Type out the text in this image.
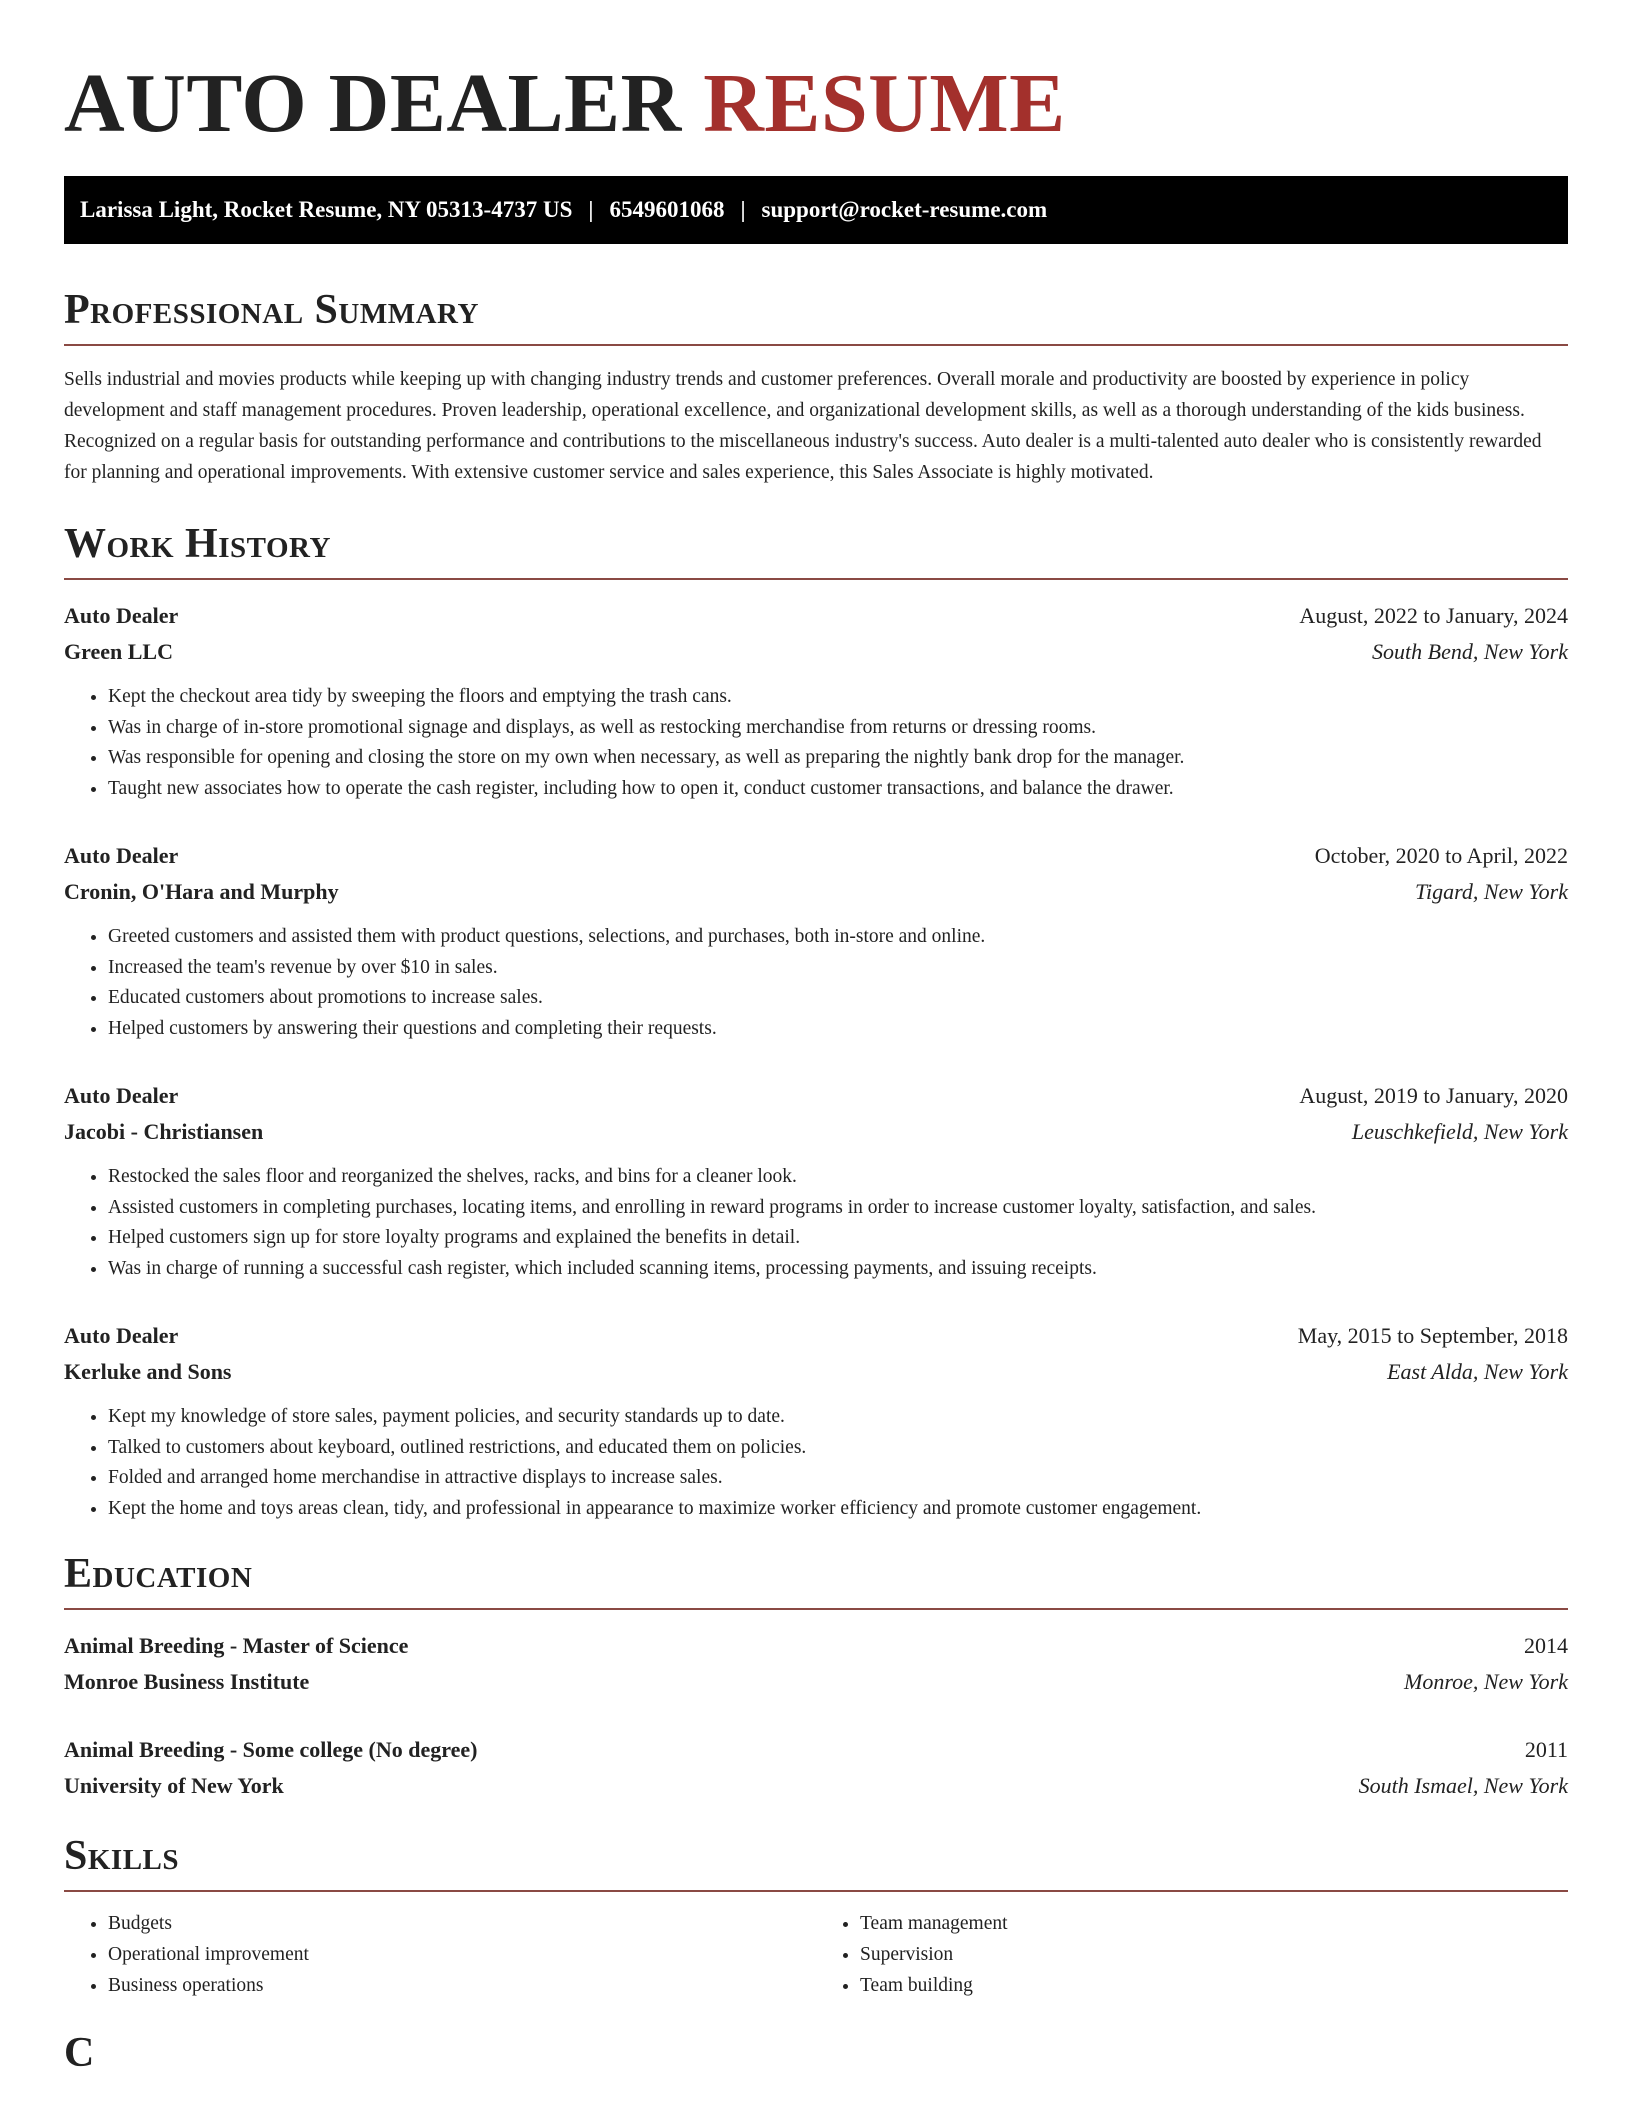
AUTO DEALER RESUME
Larissa Light, Rocket Resume, NY 05313-4737 US | 6549601068 | support@rocket-resume.com
Professional Summary

Sells industrial and movies products while keeping up with changing industry trends and customer preferences. Overall morale and productivity are boosted by experience in policy development and staff management procedures. Proven leadership, operational excellence, and organizational development skills, as well as a thorough understanding of the kids business. Recognized on a regular basis for outstanding performance and contributions to the miscellaneous industry's success. Auto dealer is a multi-talented auto dealer who is consistently rewarded for planning and operational improvements. With extensive customer service and sales experience, this Sales Associate is highly motivated.

Work History
Auto Dealer	August, 2022 to January, 2024
Green LLC	South Bend, New York
• Kept the checkout area tidy by sweeping the floors and emptying the trash cans.
• Was in charge of in-store promotional signage and displays, as well as restocking merchandise from returns or dressing rooms.
• Was responsible for opening and closing the store on my own when necessary, as well as preparing the nightly bank drop for the manager.
• Taught new associates how to operate the cash register, including how to open it, conduct customer transactions, and balance the drawer.
Auto Dealer	October, 2020 to April, 2022
Cronin, O'Hara and Murphy	Tigard, New York
• Greeted customers and assisted them with product questions, selections, and purchases, both in-store and online.
• Increased the team's revenue by over $10 in sales.
• Educated customers about promotions to increase sales.
• Helped customers by answering their questions and completing their requests.
Auto Dealer	August, 2019 to January, 2020
Jacobi - Christiansen	Leuschkefield, New York
• Restocked the sales floor and reorganized the shelves, racks, and bins for a cleaner look.
• Assisted customers in completing purchases, locating items, and enrolling in reward programs in order to increase customer loyalty, satisfaction, and sales.
• Helped customers sign up for store loyalty programs and explained the benefits in detail.
• Was in charge of running a successful cash register, which included scanning items, processing payments, and issuing receipts.
Auto Dealer	May, 2015 to September, 2018
Kerluke and Sons	East Alda, New York
• Kept my knowledge of store sales, payment policies, and security standards up to date.
• Talked to customers about keyboard, outlined restrictions, and educated them on policies.
• Folded and arranged home merchandise in attractive displays to increase sales.
• Kept the home and toys areas clean, tidy, and professional in appearance to maximize worker efficiency and promote customer engagement.
Education
Animal Breeding - Master of Science	2014
Monroe Business Institute	Monroe, New York
Animal Breeding - Some college (No degree)	2011
University of New York	South Ismael, New York
Skills
• Budgets
• Operational improvement
• Business operations
• Team management
• Supervision
• Team building
C
